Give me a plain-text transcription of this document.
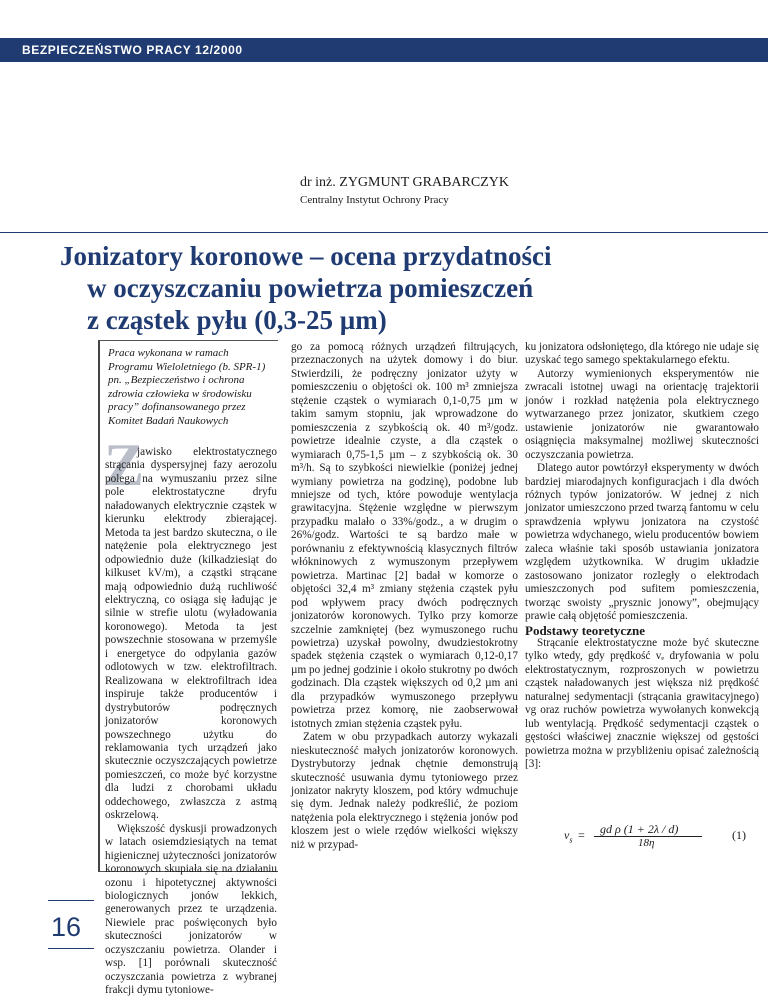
BEZPIECZEŃSTWO PRACY 12/2000
dr inż. ZYGMUNT GRABARCZYK
Centralny Instytut Ochrony Pracy
Jonizatory koronowe – ocena przydatności
w oczyszczaniu powietrza pomieszczeń
z cząstek pyłu (0,3-25 µm)
Praca wykonana w ramach Programu Wieloletniego (b. SPR-1) pn. „Bezpieczeństwo i ochrona zdrowia człowieka w środowisku pracy” dofinansowanego przez Komitet Badań Naukowych
Z

jawisko elektrostatycznego strącania dyspersyjnej fazy aerozolu polega na wymuszaniu przez silne pole elektrostatyczne dryfu naładowanych elektrycznie cząstek w kierunku elektrody zbierającej. Metoda ta jest bardzo skuteczna, o ile natężenie pola elektrycznego jest odpowiednio duże (kilkadziesiąt do kilkuset kV/m), a cząstki strącane mają odpowiednio dużą ruchliwość elektryczną, co osiąga się ładując je silnie w strefie ulotu (wyładowania koronowego). Metoda ta jest powszechnie stosowana w przemyśle i energetyce do odpylania gazów odlotowych w tzw. elektrofiltrach. Realizowana w elektrofiltrach idea inspiruje także producentów i dystrybutorów podręcznych jonizatorów koronowych powszechnego użytku do reklamowania tych urządzeń jako skutecznie oczyszczających powietrze pomieszczeń, co może być korzystne dla ludzi z chorobami układu oddechowego, zwłaszcza z astmą oskrzelową.

Większość dyskusji prowadzonych w latach osiemdziesiątych na temat higienicznej użyteczności jonizatorów koronowych skupiała się na działaniu ozonu i hipotetycznej aktywności biologicznych jonów lekkich, generowanych przez te urządzenia. Niewiele prac poświęconych było skuteczności jonizatorów w oczyszczaniu powietrza. Olander i wsp. [1] porównali skuteczność oczyszczania powietrza z wybranej frakcji dymu tytoniowe-

go za pomocą różnych urządzeń filtrujących, przeznaczonych na użytek domowy i do biur. Stwierdzili, że podręczny jonizator użyty w pomieszczeniu o objętości ok. 100 m³ zmniejsza stężenie cząstek o wymiarach 0,1-0,75 µm w takim samym stopniu, jak wprowadzone do pomieszczenia z szybkością ok. 40 m³/godz. powietrze idealnie czyste, a dla cząstek o wymiarach 0,75-1,5 µm – z szybkością ok. 30 m³/h. Są to szybkości niewielkie (poniżej jednej wymiany powietrza na godzinę), podobne lub mniejsze od tych, które powoduje wentylacja grawitacyjna. Stężenie względne w pierwszym przypadku malało o 33%/godz., a w drugim o 26%/godz. Wartości te są bardzo małe w porównaniu z efektywnością klasycznych filtrów włókninowych z wymuszonym przepływem powietrza. Martinac [2] badał w komorze o objętości 32,4 m³ zmiany stężenia cząstek pyłu pod wpływem pracy dwóch podręcznych jonizatorów koronowych. Tylko przy komorze szczelnie zamkniętej (bez wymuszonego ruchu powietrza) uzyskał powolny, dwudziestokrotny spadek stężenia cząstek o wymiarach 0,12-0,17 µm po jednej godzinie i około stukrotny po dwóch godzinach. Dla cząstek większych od 0,2 µm ani dla przypadków wymuszonego przepływu powietrza przez komorę, nie zaobserwował istotnych zmian stężenia cząstek pyłu.

Zatem w obu przypadkach autorzy wykazali nieskuteczność małych jonizatorów koronowych. Dystrybutorzy jednak chętnie demonstrują skuteczność usuwania dymu tytoniowego przez jonizator nakryty kloszem, pod który wdmuchuje się dym. Jednak należy podkreślić, że poziom natężenia pola elektrycznego i stężenia jonów pod kloszem jest o wiele rzędów wielkości większy niż w przypad-

ku jonizatora odsłoniętego, dla którego nie udaje się uzyskać tego samego spektakularnego efektu.

Autorzy wymienionych eksperymentów nie zwracali istotnej uwagi na orientację trajektorii jonów i rozkład natężenia pola elektrycznego wytwarzanego przez jonizator, skutkiem czego ustawienie jonizatorów nie gwarantowało osiągnięcia maksymalnej możliwej skuteczności oczyszczania powietrza.

Dlatego autor powtórzył eksperymenty w dwóch bardziej miarodajnych konfiguracjach i dla dwóch różnych typów jonizatorów. W jednej z nich jonizator umieszczono przed twarzą fantomu w celu sprawdzenia wpływu jonizatora na czystość powietrza wdychanego, wielu producentów bowiem zaleca właśnie taki sposób ustawiania jonizatora względem użytkownika. W drugim układzie zastosowano jonizator rozległy o elektrodach umieszczonych pod sufitem pomieszczenia, tworząc swoisty „prysznic jonowy”, obejmujący prawie całą objętość pomieszczenia.

Podstawy teoretyczne

Strącanie elektrostatyczne może być skuteczne tylko wtedy, gdy prędkość vₑ dryfowania w polu elektrostatycznym, rozproszonych w powietrzu cząstek naładowanych jest większa niż prędkość naturalnej sedymentacji (strącania grawitacyjnego) vg oraz ruchów powietrza wywołanych konwekcją lub wentylacją. Prędkość sedymentacji cząstek o gęstości właściwej znacznie większej od gęstości powietrza można w przybliżeniu opisać zależnością [3]:

$v_s$ = gd ρ (1 + 2λ / d)
18η
(1)
16
